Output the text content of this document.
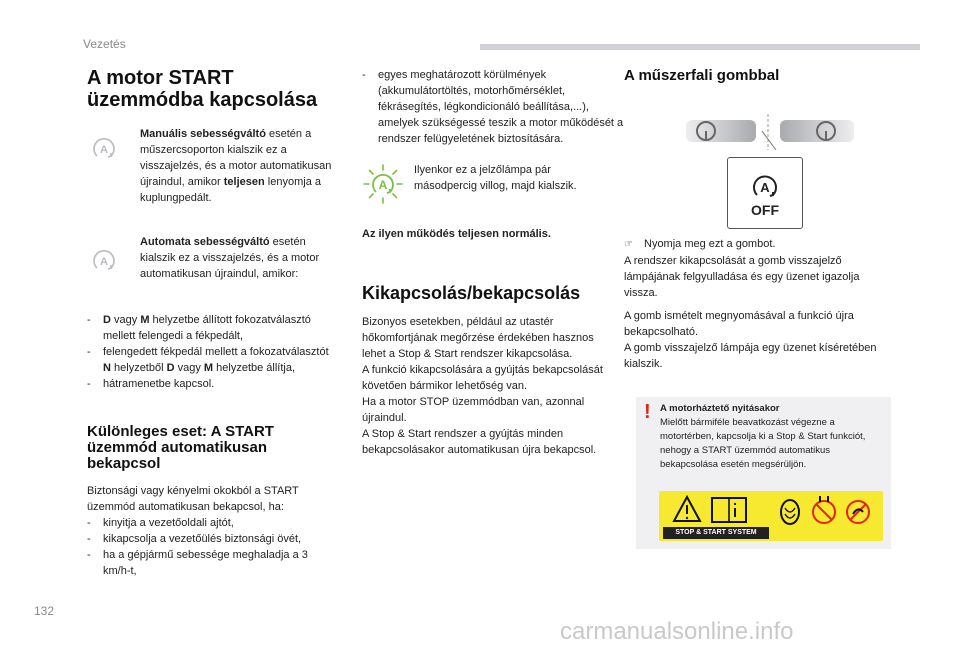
Vezetés
A motor START üzemmódba kapcsolása
A
Manuális sebességváltó esetén a műszercsoporton kialszik ez a visszajelzés, és a motor automatikusan újraindul, amikor teljesen lenyomja a kuplungpedált.
A
Automata sebességváltó esetén kialszik ez a visszajelzés, és a motor automatikusan újraindul, amikor:
- D vagy M helyzetbe állított fokozatválasztó mellett felengedi a fékpedált,
- felengedett fékpedál mellett a fokozatválasztót N helyzetből D vagy M helyzetbe állítja,
- hátramenetbe kapcsol.
Különleges eset: A START üzemmód automatikusan bekapcsol
Biztonsági vagy kényelmi okokból a START üzemmód automatikusan bekapcsol, ha:
- kinyitja a vezetőoldali ajtót,
- kikapcsolja a vezetőülés biztonsági övét,
- ha a gépjármű sebessége meghaladja a 3 km/h-t,
- egyes meghatározott körülmények (akkumulátortöltés, motorhőmérséklet, fékrásegítés, légkondicionáló beállítása,...), amelyek szükségessé teszik a motor működését a rendszer felügyeletének biztosítására.
A
Ilyenkor ez a jelzőlámpa pár másodpercig villog, majd kialszik.
Az ilyen működés teljesen normális.
Kikapcsolás/bekapcsolás
Bizonyos esetekben, például az utastér hőkomfortjának megőrzése érdekében hasznos lehet a Stop & Start rendszer kikapcsolása.
A funkció kikapcsolására a gyújtás bekapcsolását követően bármikor lehetőség van.
Ha a motor STOP üzemmódban van, azonnal újraindul.
A Stop & Start rendszer a gyújtás minden bekapcsolásakor automatikusan újra bekapcsol.
A műszerfali gombbal
A
OFF
☞ Nyomja meg ezt a gombot.
A rendszer kikapcsolását a gomb visszajelző lámpájának felgyulladása és egy üzenet igazolja vissza.
A gomb ismételt megnyomásával a funkció újra bekapcsolható.
A gomb visszajelző lámpája egy üzenet kíséretében kialszik.
! A motorháztető nyitásakor
Mielőtt bármiféle beavatkozást végezne a motortérben, kapcsolja ki a Stop & Start funkciót, nehogy a START üzemmód automatikus bekapcsolása esetén megsérüljön.
STOP & START SYSTEM
132
carmanualsonline.info
